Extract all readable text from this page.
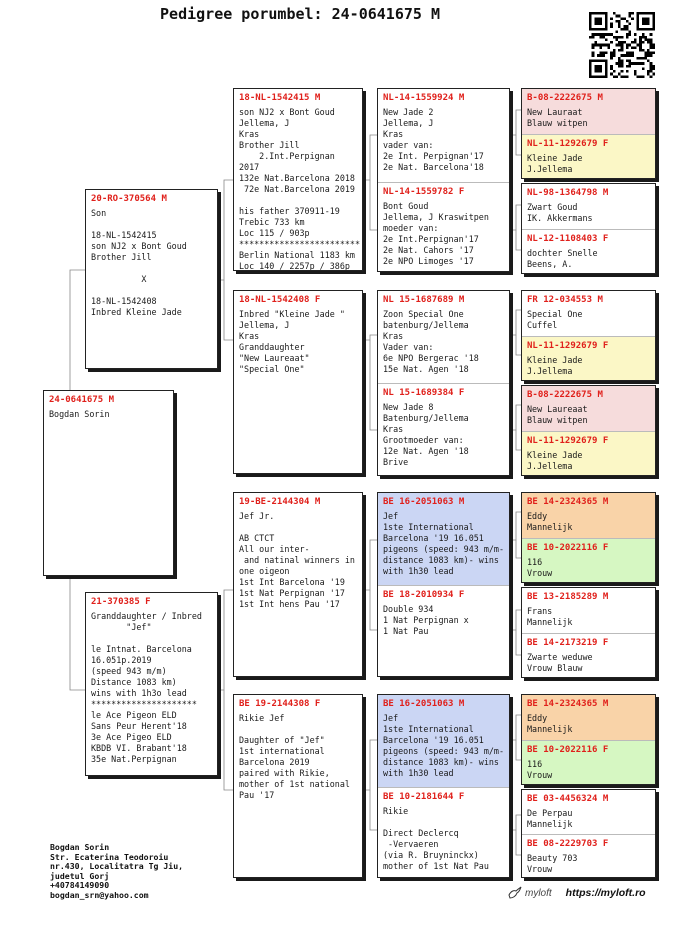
Pedigree porumbel: 24-0641675 M
24-0641675 M
Bogdan Sorin
20-RO-370564 M
Son

18-NL-1542415
son NJ2 x Bont Goud
Brother Jill

X

18-NL-1542408
Inbred Kleine Jade
21-370385 F
Granddaughter / Inbred
"Jef"

le Intnat. Barcelona
16.051p.2019
(speed 943 m/m)
Distance 1083 km)
wins with 1h3o lead
*********************
le Ace Pigeon ELD
Sans Peur Herent'18
3e Ace Pigeo ELD
KBDB VI. Brabant'18
35e Nat.Perpignan
18-NL-1542415 M
son NJ2 x Bont Goud
Jellema, J
Kras
Brother Jill
2.Int.Perpignan 2017
132e Nat.Barcelona 2018
72e Nat.Barcelona 2019

his father 370911-19
Trebic 733 km
Loc 115 / 903p
************************
Berlin National 1183 km
Loc 140 / 2257p / 386p
18-NL-1542408 F
Inbred "Kleine Jade "
Jellema, J
Kras
Granddaughter
"New Laureaat"
"Special One"
19-BE-2144304 M
Jef Jr.

AB CTCT
All our inter-
and natinal winners in
one oigeon
1st Int Barcelona '19
1st Nat Perpignan '17
1st Int hens Pau '17
BE 19-2144308 F
Rikie Jef

Daughter of "Jef"
1st international
Barcelona 2019
paired with Rikie,
mother of 1st national
Pau '17
NL-14-1559924 M
New Jade 2
Jellema, J
Kras
vader van:
2e Int. Perpignan'17
2e Nat. Barcelona'18
NL-14-1559782 F
Bont Goud
Jellema, J Kraswitpen
moeder van:
2e Int.Perpignan'17
2e Nat. Cahors '17
2e NPO Limoges '17
NL 15-1687689 M
Zoon Special One
batenburg/Jellema
Kras
Vader van:
6e NPO Bergerac '18
15e Nat. Agen '18
NL 15-1689384 F
New Jade 8
Batenburg/Jellema
Kras
Grootmoeder van:
12e Nat. Agen '18
Brive
BE 16-2051063 M
Jef
1ste International
Barcelona '19 16.051
pigeons (speed: 943 m/m-
distance 1083 km)- wins
with 1h30 lead
BE 18-2010934 F
Double 934
1 Nat Perpignan x
1 Nat Pau
BE 16-2051063 M
Jef
1ste International
Barcelona '19 16.051
pigeons (speed: 943 m/m-
distance 1083 km)- wins
with 1h30 lead
BE 10-2181644 F
Rikie

Direct Declercq
-Vervaeren
(via R. Bruyninckx)
mother of 1st Nat Pau
B-08-2222675 M
New Lauraat
Blauw witpen
NL-11-1292679 F
Kleine Jade
J.Jellema
NL-98-1364798 M
Zwart Goud
IK. Akkermans
NL-12-1108403 F
dochter Snelle
Beens, A.
FR 12-034553 M
Special One
Cuffel
NL-11-1292679 F
Kleine Jade
J.Jellema
B-08-2222675 M
New Laureaat
Blauw witpen
NL-11-1292679 F
Kleine Jade
J.Jellema
BE 14-2324365 M
Eddy
Mannelijk
BE 10-2022116 F
116
Vrouw
BE 13-2185289 M
Frans
Mannelijk
BE 14-2173219 F
Zwarte weduwe
Vrouw Blauw
BE 14-2324365 M
Eddy
Mannelijk
BE 10-2022116 F
116
Vrouw
BE 03-4456324 M
De Perpau
Mannelijk
BE 08-2229703 F
Beauty 703
Vrouw
Bogdan Sorin
Str. Ecaterina Teodoroiu
nr.430, Localitatra Tg Jiu,
judetul Gorj
+40784149090
bogdan_srn@yahoo.com	myloft https://myloft.ro
